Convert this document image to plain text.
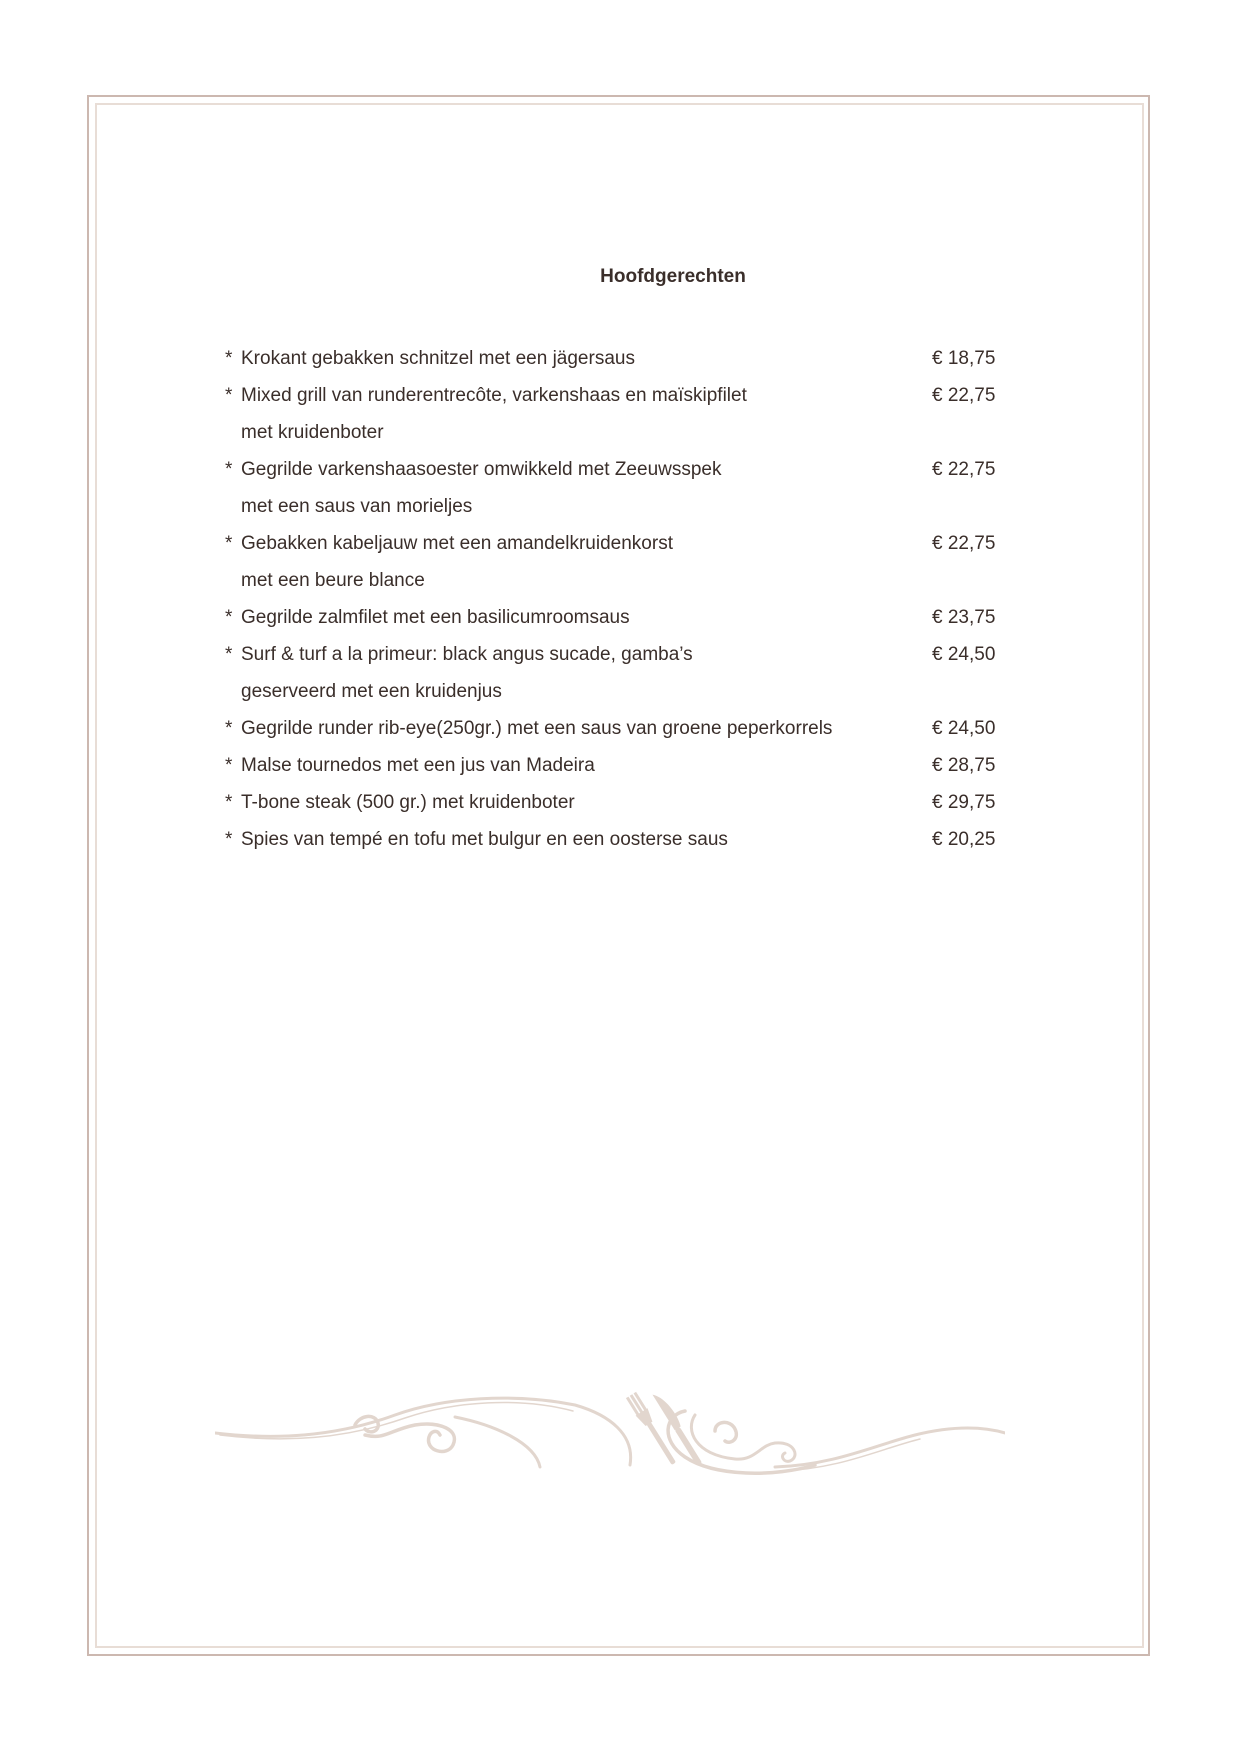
Hoofdgerechten
* Krokant gebakken schnitzel met een jägersaus	€ 18,75
* Mixed grill van runderentrecôte, varkenshaas en maïskipfilet	€ 22,75
met kruidenboter
* Gegrilde varkenshaasoester omwikkeld met Zeeuwsspek	€ 22,75
met een saus van morieljes
* Gebakken kabeljauw met een amandelkruidenkorst	€ 22,75
met een beure blance
* Gegrilde zalmfilet met een basilicumroomsaus	€ 23,75
* Surf & turf a la primeur: black angus sucade, gamba’s	€ 24,50
geserveerd met een kruidenjus
* Gegrilde runder rib-eye(250gr.) met een saus van groene peperkorrels	€ 24,50
* Malse tournedos met een jus van Madeira	€ 28,75
* T-bone steak (500 gr.) met kruidenboter	€ 29,75
* Spies van tempé en tofu met bulgur en een oosterse saus	€ 20,25
